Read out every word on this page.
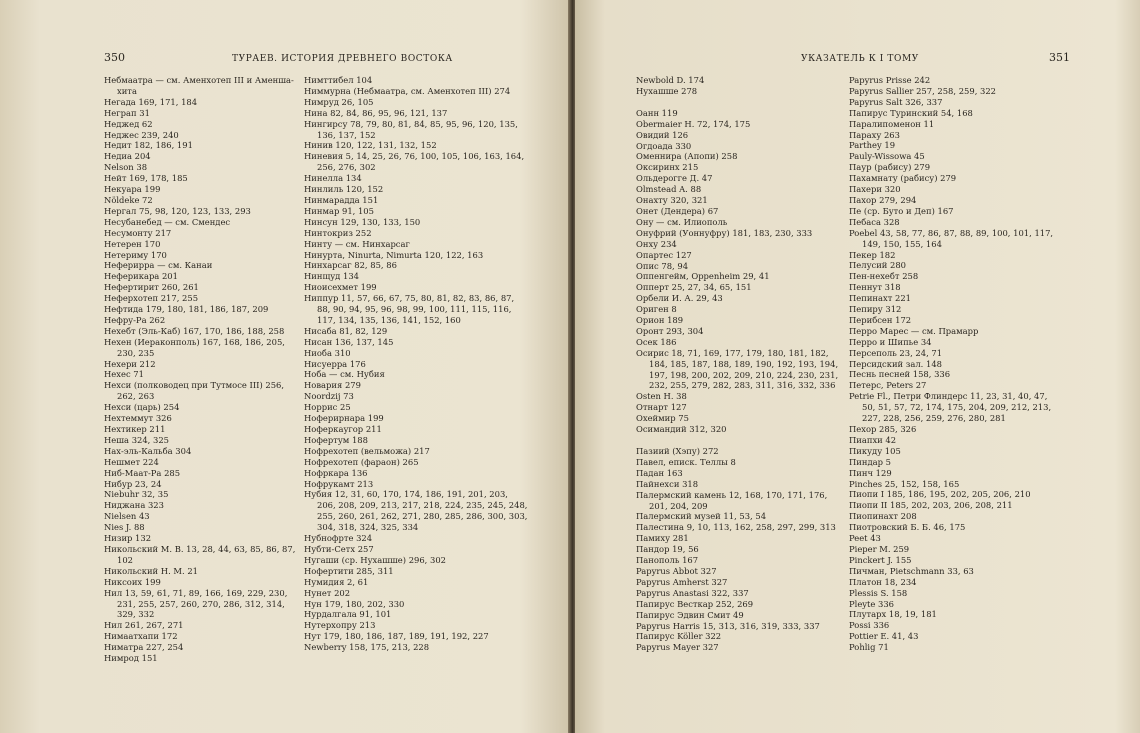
350	ТУРАЕВ. ИСТОРИЯ ДРЕВНЕГО ВОСТОКА
Небмаатра — см. Аменхотеп III и Аменша-хита
Негада 169, 171, 184
Неграп 31
Неджед 62
Неджес 239, 240
Недит 182, 186, 191
Недиа 204
Nelson 38
Нейт 169, 178, 185
Некуара 199
Nöldeke 72
Нергал 75, 98, 120, 123, 133, 293
Несубанебед — см. Смендес
Несумонту 217
Нетерен 170
Нетериму 170
Неферирра — см. Канаи
Неферикара 201
Нефертирит 260, 261
Неферхотеп 217, 255
Нефтида 179, 180, 181, 186, 187, 209
Нефру-Ра 262
Нехебт (Эль-Каб) 167, 170, 186, 188, 258
Нехен (Иераконполь) 167, 168, 186, 205, 230, 235
Нехери 212
Нехес 71
Нехси (полководец при Тутмосе III) 256, 262, 263
Нехси (царь) 254
Нехтеммут 326
Нехтикер 211
Неша 324, 325
Нах-эль-Кальба 304
Нешмет 224
Ниб-Маат-Ра 285
Нибур 23, 24
Niebuhr 32, 35
Ниджана 323
Nielsen 43
Nies J. 88
Низир 132
Никольский М. В. 13, 28, 44, 63, 85, 86, 87, 102
Никольский Н. М. 21
Никсоих 199
Нил 13, 59, 61, 71, 89, 166, 169, 229, 230, 231, 255, 257, 260, 270, 286, 312, 314, 329, 332
Нил 261, 267, 271
Нимаатхапи 172
Ниматра 227, 254
Нимрод 151
Нимттибел 104
Ниммурна (Небмаатра, см. Аменхотеп III) 274
Нимруд 26, 105
Нина 82, 84, 86, 95, 96, 121, 137
Нингирсу 78, 79, 80, 81, 84, 85, 95, 96, 120, 135, 136, 137, 152
Нинив 120, 122, 131, 132, 152
Ниневия 5, 14, 25, 26, 76, 100, 105, 106, 163, 164, 256, 276, 302
Нинелла 134
Нинлиль 120, 152
Нинмарадда 151
Нинмар 91, 105
Нинсун 129, 130, 133, 150
Нинтокриз 252
Нинту — см. Нинхарсаг
Нинурта, Ninurta, Nimurta 120, 122, 163
Нинхарсаг 82, 85, 86
Нинщуд 134
Ниоисехмет 199
Ниппур 11, 57, 66, 67, 75, 80, 81, 82, 83, 86, 87, 88, 90, 94, 95, 96, 98, 99, 100, 111, 115, 116, 117, 134, 135, 136, 141, 152, 160
Нисаба 81, 82, 129
Нисан 136, 137, 145
Ниоба 310
Нисуерра 176
Ноба — см. Нубия
Новария 279
Noordzij 73
Норрис 25
Ноферирнара 199
Ноферкаугор 211
Нофертум 188
Нофрехотеп (вельможа) 217
Нофрехотеп (фараон) 265
Нофркара 136
Нофрукамт 213
Нубия 12, 31, 60, 170, 174, 186, 191, 201, 203, 206, 208, 209, 213, 217, 218, 224, 235, 245, 248, 255, 260, 261, 262, 271, 280, 285, 286, 300, 303, 304, 318, 324, 325, 334
Нубнофрте 324
Нубти-Сетх 257
Нугаши (ср. Нухашше) 296, 302
Нофертити 285, 311
Нумидия 2, 61
Нунет 202
Нун 179, 180, 202, 330
Нурдалгала 91, 101
Нутерхопру 213
Нут 179, 180, 186, 187, 189, 191, 192, 227
Newberry 158, 175, 213, 228
УКАЗАТЕЛЬ К I ТОМУ	351
Newbold D. 174
Нухашше 278
Оанн 119
Obermaier H. 72, 174, 175
Овидий 126
Огдоада 330
Оменнира (Апопи) 258
Оксиринх 215
Ольдерогге Д. 47
Olmstead A. 88
Онахту 320, 321
Онет (Дендера) 67
Ону — см. Илиополь
Онуфрий (Уоннуфру) 181, 183, 230, 333
Онху 234
Опартес 127
Опис 78, 94
Оппенгейм, Oppenheim 29, 41
Опперт 25, 27, 34, 65, 151
Орбели И. А. 29, 43
Ориген 8
Орион 189
Оронт 293, 304
Осек 186
Осирис 18, 71, 169, 177, 179, 180, 181, 182, 184, 185, 187, 188, 189, 190, 192, 193, 194, 197, 198, 200, 202, 209, 210, 224, 230, 231, 232, 255, 279, 282, 283, 311, 316, 332, 336
Osten H. 38
Отнарт 127
Охеймир 75
Осимандий 312, 320
Пазиий (Хэпу) 272
Павел, епиcк. Теллы 8
Падан 163
Пайнехси 318
Палермский камень 12, 168, 170, 171, 176, 201, 204, 209
Палермский музей 11, 53, 54
Палестина 9, 10, 113, 162, 258, 297, 299, 313
Памиху 281
Пандор 19, 56
Панополь 167
Papyrus Abbot 327
Papyrus Amherst 327
Papyrus Anastasi 322, 337
Папирус Весткар 252, 269
Папирус Эдвин Смит 49
Papyrus Harris 15, 313, 316, 319, 333, 337
Папирус Köller 322
Papyrus Mayer 327
Papyrus Prisse 242
Papyrus Sallier 257, 258, 259, 322
Papyrus Salt 326, 337
Папирус Туринский 54, 168
Паралипоменон 11
Параху 263
Parthey 19
Pauly-Wissowa 45
Паур (рабису) 279
Пахамнату (рабису) 279
Пахери 320
Пахор 279, 294
Пе (ср. Буто и Деп) 167
Пебаса 328
Poebel 43, 58, 77, 86, 87, 88, 89, 100, 101, 117, 149, 150, 155, 164
Пекер 182
Пелусий 280
Пен-нехебт 258
Пеннут 318
Пепинахт 221
Пепиру 312
Перибсен 172
Перро Марес — см. Прамарр
Перро и Шипье 34
Персеполь 23, 24, 71
Персидский зал. 148
Песнь песней 158, 336
Петерс, Peters 27
Petrie Fl., Петри Флиндерс 11, 23, 31, 40, 47, 50, 51, 57, 72, 174, 175, 204, 209, 212, 213, 227, 228, 256, 259, 276, 280, 281
Пехор 285, 326
Пиапхи 42
Пикуду 105
Пиндар 5
Пинч 129
Pinches 25, 152, 158, 165
Пиопи I 185, 186, 195, 202, 205, 206, 210
Пиопи II 185, 202, 203, 206, 208, 211
Пиопинахт 208
Пиотровский Б. Б. 46, 175
Peet 43
Pieper M. 259
Pinckert J. 155
Пичман, Pietschmann 33, 63
Платон 18, 234
Plessis S. 158
Pleyte 336
Плутарх 18, 19, 181
Possi 336
Pottier E. 41, 43
Pohlig 71
